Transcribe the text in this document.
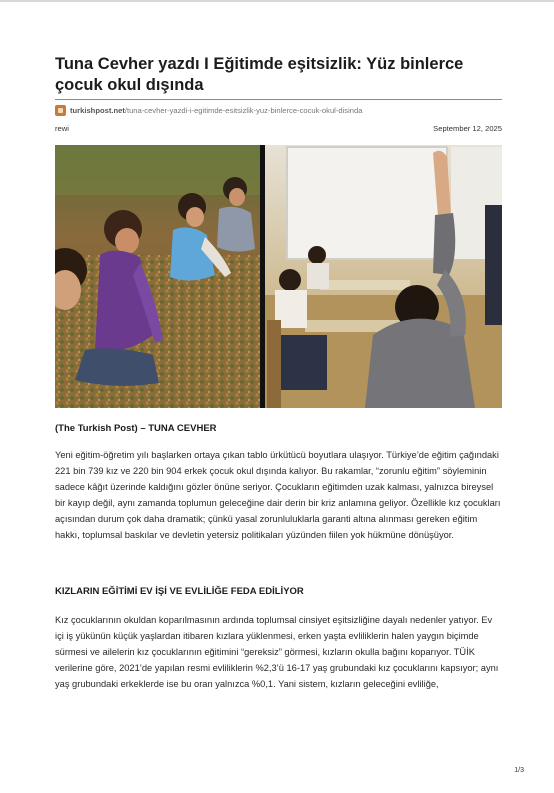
Tuna Cevher yazdı I Eğitimde eşitsizlik: Yüz binlerce çocuk okul dışında
turkishpost.net/tuna-cevher-yazdi-i-egitimde-esitsizlik-yuz-binlerce-cocuk-okul-disinda
rewi	September 12, 2025

(The Turkish Post) – TUNA CEVHER

Yeni eğitim-öğretim yılı başlarken ortaya çıkan tablo ürkütücü boyutlara ulaşıyor. Türkiye’de eğitim çağındaki 221 bin 739 kız ve 220 bin 904 erkek çocuk okul dışında kalıyor. Bu rakamlar, “zorunlu eğitim” söyleminin sadece kâğıt üzerinde kaldığını gözler önüne seriyor. Çocukların eğitimden uzak kalması, yalnızca bireysel bir kayıp değil, aynı zamanda toplumun geleceğine dair derin bir kriz anlamına geliyor. Özellikle kız çocukları açısından durum çok daha dramatik; çünkü yasal zorunluluklarla garanti altına alınması gereken eğitim hakkı, toplumsal baskılar ve devletin yetersiz politikaları yüzünden fiilen yok hükmüne dönüşüyor.

KIZLARIN EĞİTİMİ EV İŞİ VE EVLİLİĞE FEDA EDİLİYOR

Kız çocuklarının okuldan koparılmasının ardında toplumsal cinsiyet eşitsizliğine dayalı nedenler yatıyor. Ev içi iş yükünün küçük yaşlardan itibaren kızlara yüklenmesi, erken yaşta evliliklerin halen yaygın biçimde sürmesi ve ailelerin kız çocuklarının eğitimini “gereksiz” görmesi, kızların okulla bağını koparıyor. TÜİK verilerine göre, 2021’de yapılan resmi evliliklerin %2,3’ü 16-17 yaş grubundaki kız çocuklarını kapsıyor; aynı yaş grubundaki erkeklerde ise bu oran yalnızca %0,1. Yani sistem, kızların geleceğini evliliğe,

1/3
